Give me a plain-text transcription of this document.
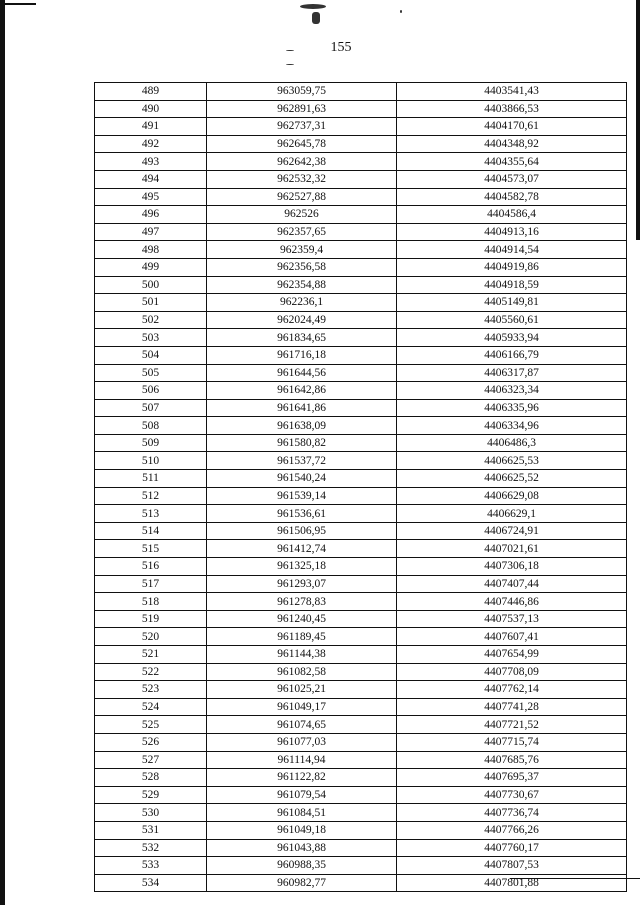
155
489	963059,75	4403541,43
490	962891,63	4403866,53
491	962737,31	4404170,61
492	962645,78	4404348,92
493	962642,38	4404355,64
494	962532,32	4404573,07
495	962527,88	4404582,78
496	962526	4404586,4
497	962357,65	4404913,16
498	962359,4	4404914,54
499	962356,58	4404919,86
500	962354,88	4404918,59
501	962236,1	4405149,81
502	962024,49	4405560,61
503	961834,65	4405933,94
504	961716,18	4406166,79
505	961644,56	4406317,87
506	961642,86	4406323,34
507	961641,86	4406335,96
508	961638,09	4406334,96
509	961580,82	4406486,3
510	961537,72	4406625,53
511	961540,24	4406625,52
512	961539,14	4406629,08
513	961536,61	4406629,1
514	961506,95	4406724,91
515	961412,74	4407021,61
516	961325,18	4407306,18
517	961293,07	4407407,44
518	961278,83	4407446,86
519	961240,45	4407537,13
520	961189,45	4407607,41
521	961144,38	4407654,99
522	961082,58	4407708,09
523	961025,21	4407762,14
524	961049,17	4407741,28
525	961074,65	4407721,52
526	961077,03	4407715,74
527	961114,94	4407685,76
528	961122,82	4407695,37
529	961079,54	4407730,67
530	961084,51	4407736,74
531	961049,18	4407766,26
532	961043,88	4407760,17
533	960988,35	4407807,53
534	960982,77	4407801,88
